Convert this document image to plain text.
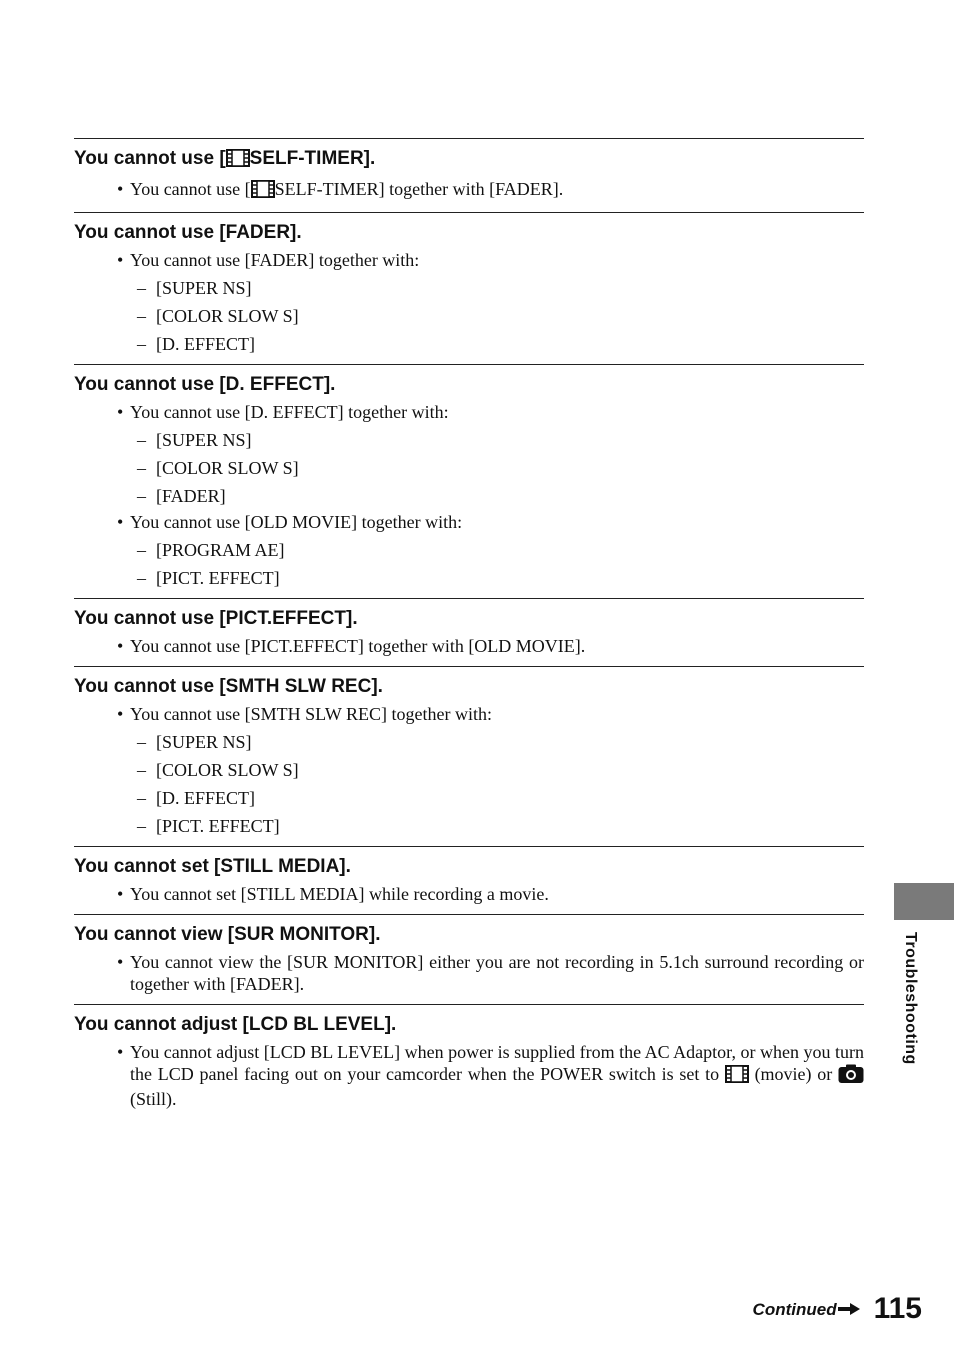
You cannot use [ SELF-TIMER].
• You cannot use [ SELF-TIMER] together with [FADER].
You cannot use [FADER].
• You cannot use [FADER] together with:
– [SUPER NS]
– [COLOR SLOW S]
– [D. EFFECT]
You cannot use [D. EFFECT].
• You cannot use [D. EFFECT] together with:
– [SUPER NS]
– [COLOR SLOW S]
– [FADER]
• You cannot use [OLD MOVIE] together with:
– [PROGRAM AE]
– [PICT. EFFECT]
You cannot use [PICT.EFFECT].
• You cannot use [PICT.EFFECT] together with [OLD MOVIE].
You cannot use [SMTH SLW REC].
• You cannot use [SMTH SLW REC] together with:
– [SUPER NS]
– [COLOR SLOW S]
– [D. EFFECT]
– [PICT. EFFECT]
You cannot set [STILL MEDIA].
• You cannot set [STILL MEDIA] while recording a movie.
You cannot view [SUR MONITOR].
• You cannot view the [SUR MONITOR] either you are not recording in 5.1ch surround recording or together with [FADER].
You cannot adjust [LCD BL LEVEL].
• You cannot adjust [LCD BL LEVEL] when power is supplied from the AC Adaptor, or when you turn the LCD panel facing out on your camcorder when the POWER switch is set to (movie) or  (Still).
Troubleshooting
Continued 115
